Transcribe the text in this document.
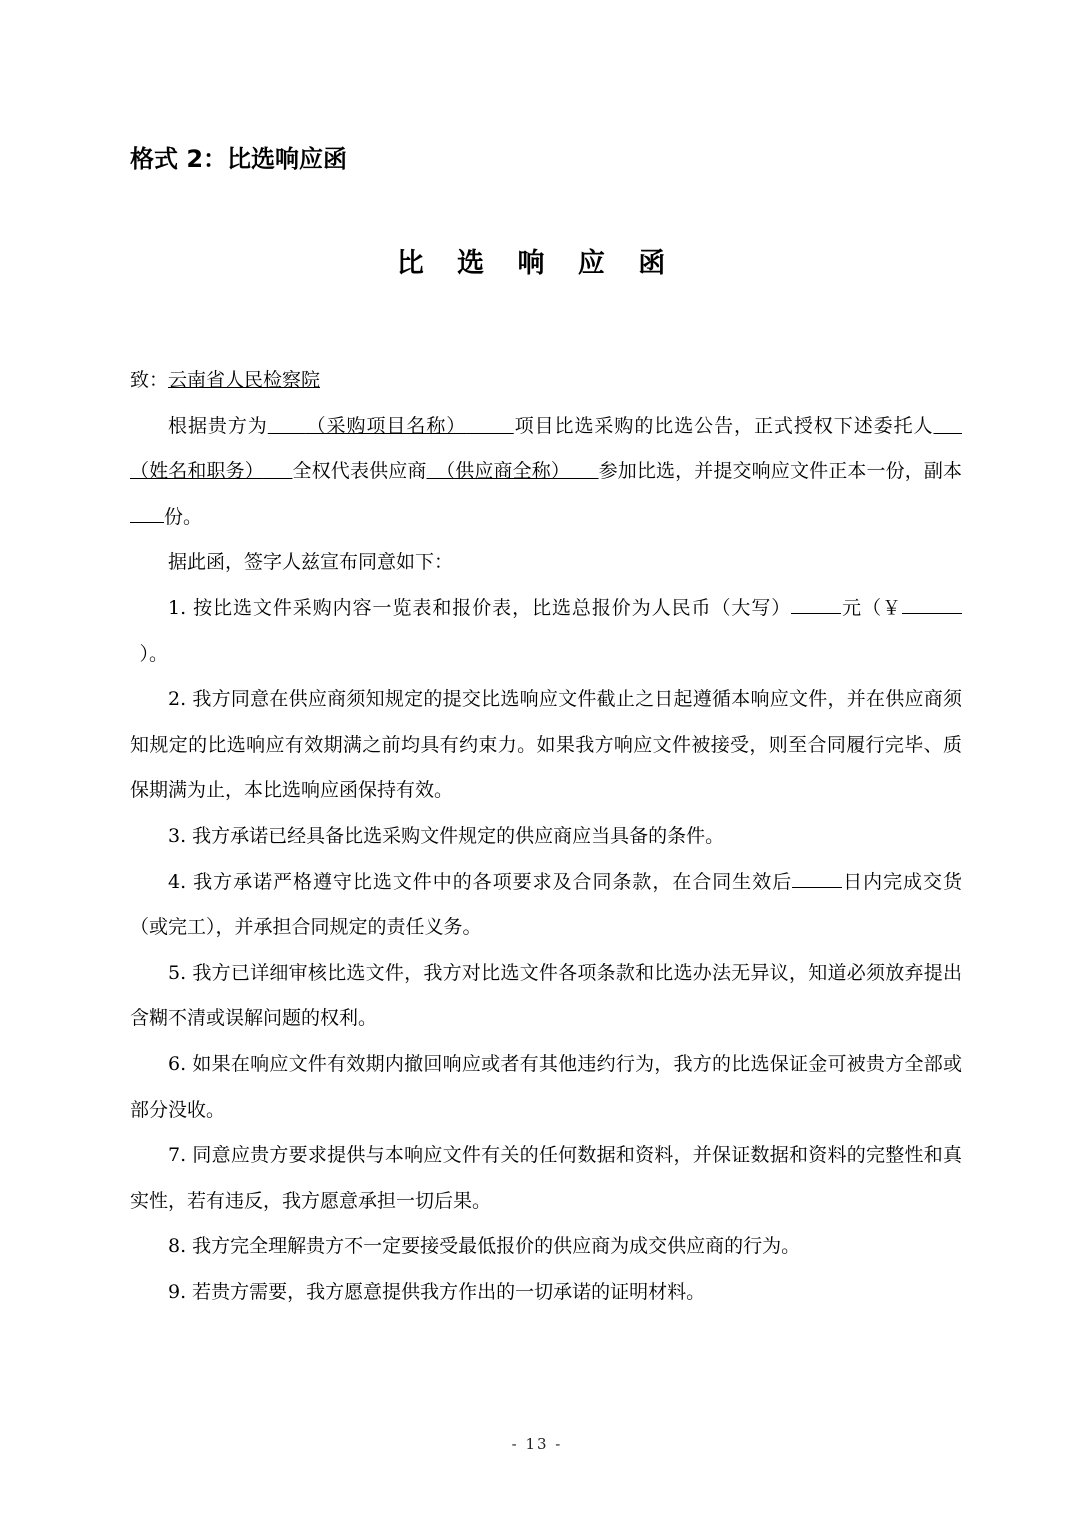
格式 2：比选响应函
比 选 响 应 函

致：云南省人民检察院

根据贵方为     （采购项目名称）     	项目比选采购的比选公告，正式授权下述委托人   （姓名和职务）    全权代表供应商  （供应商全称）    参加比选，并提交响应文件正本一份，副本份。

据此函，签字人兹宣布同意如下：

1. 按比选文件采购内容一览表和报价表，比选总报价为人民币（大写）	元（￥ ）。

2. 我方同意在供应商须知规定的提交比选响应文件截止之日起遵循本响应文件，并在供应商须知规定的比选响应有效期满之前均具有约束力。如果我方响应文件被接受，则至合同履行完毕、质保期满为止，本比选响应函保持有效。

3. 我方承诺已经具备比选采购文件规定的供应商应当具备的条件。

4. 我方承诺严格遵守比选文件中的各项要求及合同条款，在合同生效后	日内完成交货（或完工），并承担合同规定的责任义务。

5. 我方已详细审核比选文件，我方对比选文件各项条款和比选办法无异议，知道必须放弃提出含糊不清或误解问题的权利。

6. 如果在响应文件有效期内撤回响应或者有其他违约行为，我方的比选保证金可被贵方全部或部分没收。

7. 同意应贵方要求提供与本响应文件有关的任何数据和资料，并保证数据和资料的完整性和真实性，若有违反，我方愿意承担一切后果。

8. 我方完全理解贵方不一定要接受最低报价的供应商为成交供应商的行为。

9. 若贵方需要，我方愿意提供我方作出的一切承诺的证明材料。

- 13 -
